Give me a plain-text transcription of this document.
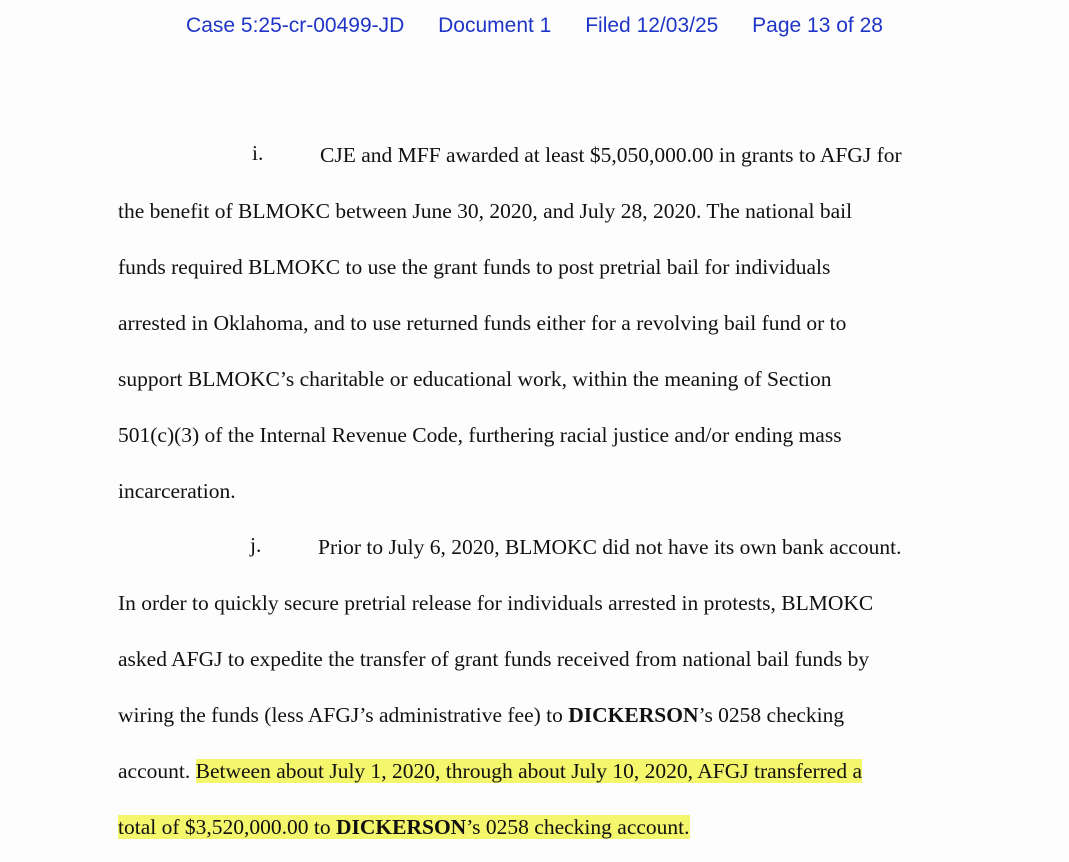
Case 5:25-cr-00499-JD Document 1 Filed 12/03/25 Page 13 of 28
i.	CJE and MFF awarded at least $5,050,000.00 in grants to AFGJ for
the benefit of BLMOKC between June 30, 2020, and July 28, 2020. The national bail
funds required BLMOKC to use the grant funds to post pretrial bail for individuals
arrested in Oklahoma, and to use returned funds either for a revolving bail fund or to
support BLMOKC’s charitable or educational work, within the meaning of Section
501(c)(3) of the Internal Revenue Code, furthering racial justice and/or ending mass
incarceration.
j.	Prior to July 6, 2020, BLMOKC did not have its own bank account.
In order to quickly secure pretrial release for individuals arrested in protests, BLMOKC
asked AFGJ to expedite the transfer of grant funds received from national bail funds by
wiring the funds (less AFGJ’s administrative fee) to DICKERSON’s 0258 checking
account. Between about July 1, 2020, through about July 10, 2020, AFGJ transferred a
total of $3,520,000.00 to DICKERSON’s 0258 checking account.
